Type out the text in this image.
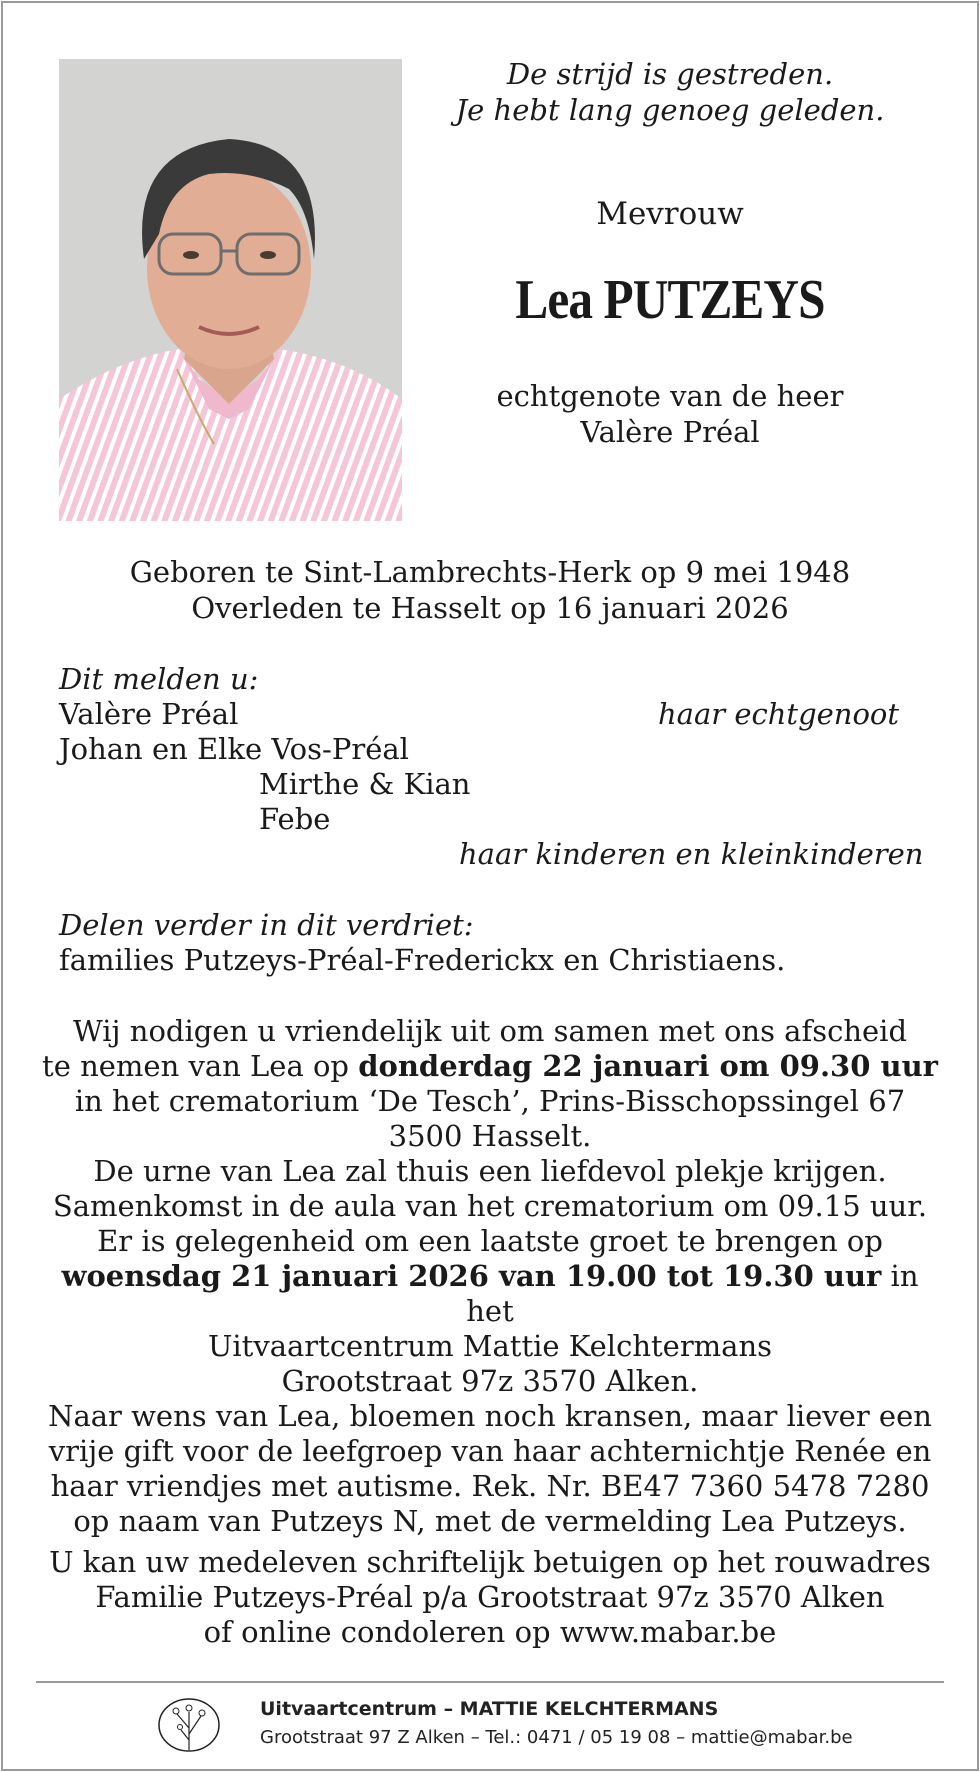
De strijd is gestreden.
Je hebt lang genoeg geleden.
Mevrouw
Lea PUTZEYS
echtgenote van de heer
Valère Préal
Geboren te Sint-Lambrechts-Herk op 9 mei 1948
Overleden te Hasselt op 16 januari 2026
Dit melden u:
Valère Préal	haar echtgenoot
Johan en Elke Vos-Préal
Mirthe & Kian
Febe
haar kinderen en kleinkinderen
Delen verder in dit verdriet:
families Putzeys-Préal-Frederickx en Christiaens.
Wij nodigen u vriendelijk uit om samen met ons afscheid
te nemen van Lea op donderdag 22 januari om 09.30 uur
in het crematorium ‘De Tesch’, Prins-Bisschopssingel 67
3500 Hasselt.
De urne van Lea zal thuis een liefdevol plekje krijgen.
Samenkomst in de aula van het crematorium om 09.15 uur.
Er is gelegenheid om een laatste groet te brengen op
woensdag 21 januari 2026 van 19.00 tot 19.30 uur in het
Uitvaartcentrum Mattie Kelchtermans
Grootstraat 97z 3570 Alken.
Naar wens van Lea, bloemen noch kransen, maar liever een
vrije gift voor de leefgroep van haar achternichtje Renée en
haar vriendjes met autisme. Rek. Nr. BE47 7360 5478 7280
op naam van Putzeys N, met de vermelding Lea Putzeys.
U kan uw medeleven schriftelijk betuigen op het rouwadres
Familie Putzeys-Préal p/a Grootstraat 97z 3570 Alken
of online condoleren op www.mabar.be
Uitvaartcentrum – MATTIE KELCHTERMANS
Grootstraat 97 Z Alken – Tel.: 0471 / 05 19 08 – mattie@mabar.be
